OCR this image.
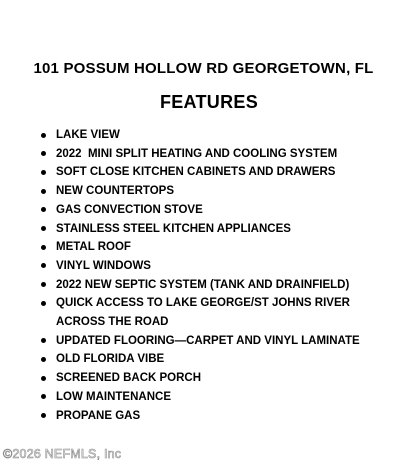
101 POSSUM HOLLOW RD GEORGETOWN, FL
FEATURES
LAKE VIEW
2022  MINI SPLIT HEATING AND COOLING SYSTEM
SOFT CLOSE KITCHEN CABINETS AND DRAWERS
NEW COUNTERTOPS
GAS CONVECTION STOVE
STAINLESS STEEL KITCHEN APPLIANCES
METAL ROOF
VINYL WINDOWS
2022 NEW SEPTIC SYSTEM (TANK AND DRAINFIELD)
QUICK ACCESS TO LAKE GEORGE/ST JOHNS RIVER ACROSS THE ROAD
UPDATED FLOORING—CARPET AND VINYL LAMINATE
OLD FLORIDA VIBE
SCREENED BACK PORCH
LOW MAINTENANCE
PROPANE GAS
©2026 NEFMLS, Inc
